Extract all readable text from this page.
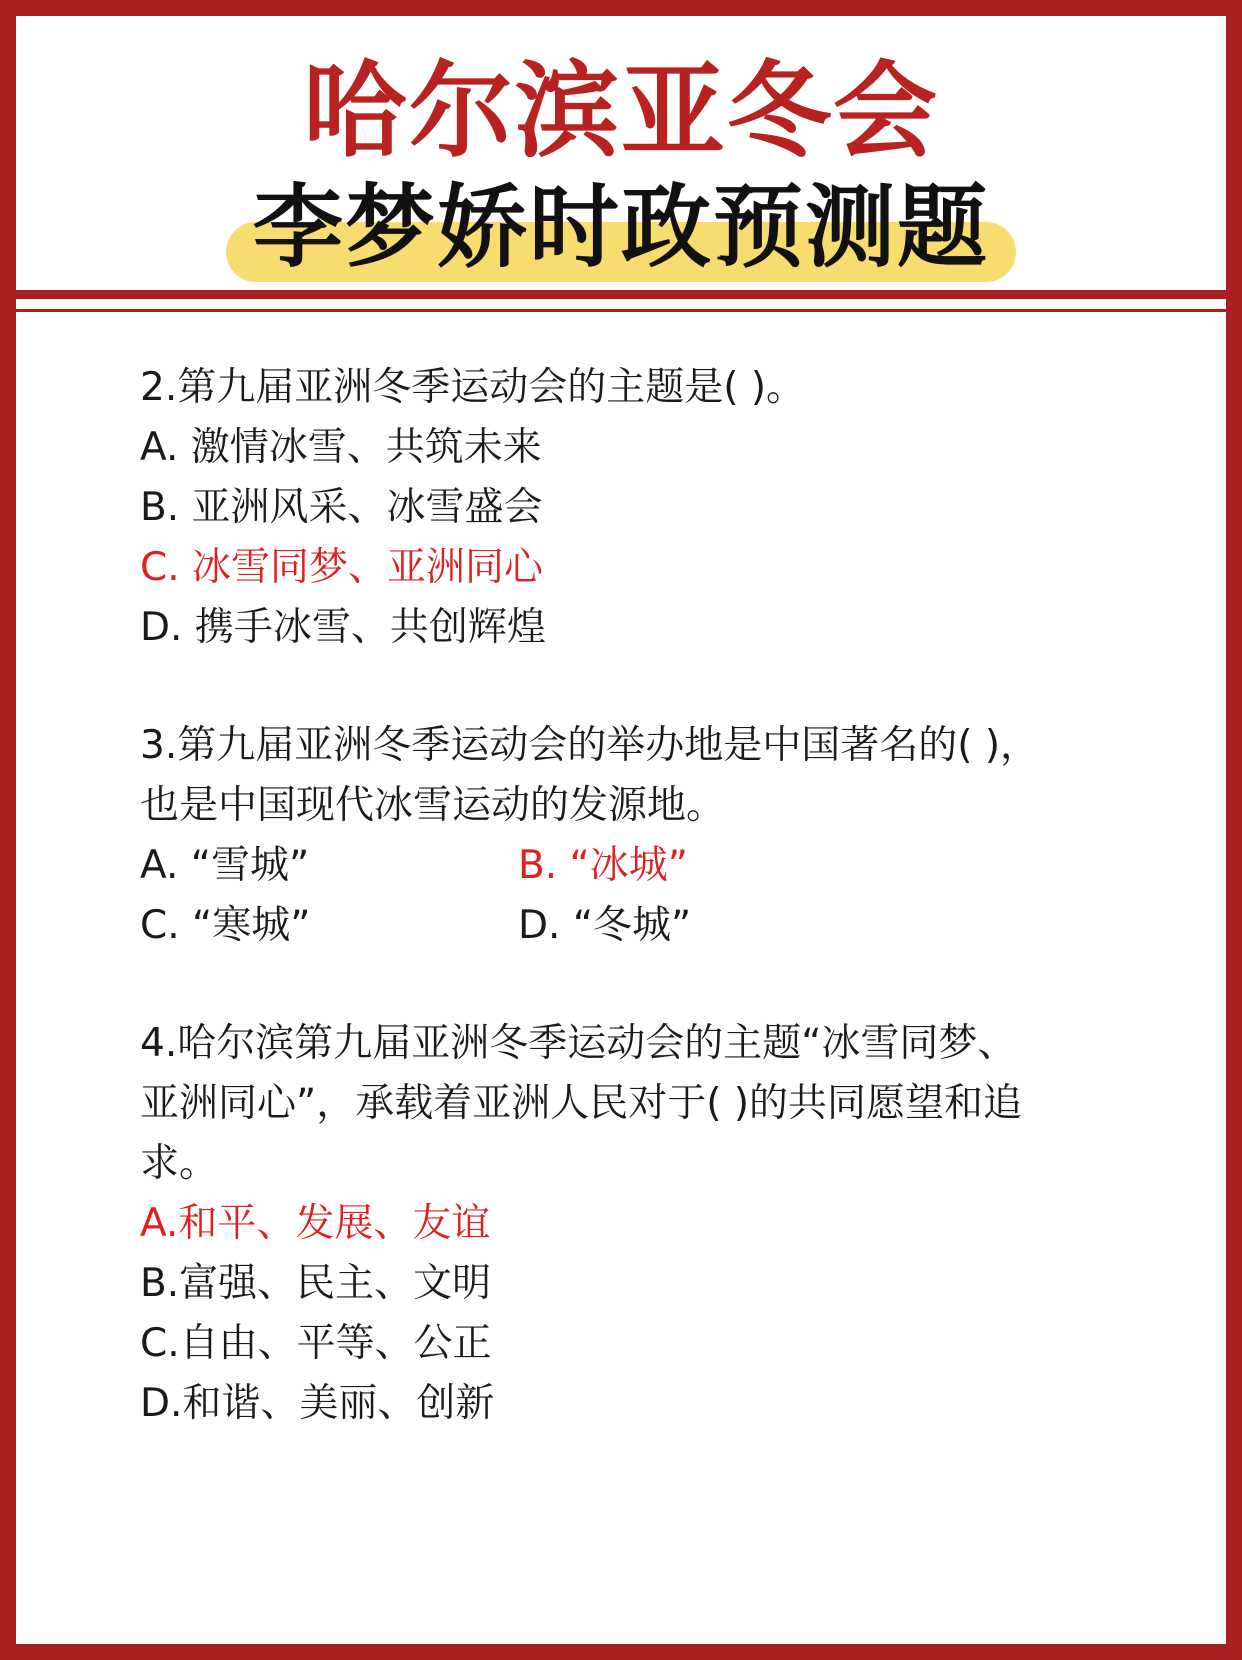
哈尔滨亚冬会
李梦娇时政预测题
2.第九届亚洲冬季运动会的主题是( )。
A. 激情冰雪、共筑未来
B. 亚洲风采、冰雪盛会
C. 冰雪同梦、亚洲同心
D. 携手冰雪、共创辉煌
3.第九届亚洲冬季运动会的举办地是中国著名的( )，
也是中国现代冰雪运动的发源地。
A. “雪城”	B. “冰城”
C. “寒城”	D. “冬城”
4.哈尔滨第九届亚洲冬季运动会的主题“冰雪同梦、
亚洲同心”，承载着亚洲人民对于( )的共同愿望和追
求。
A.和平、发展、友谊
B.富强、民主、文明
C.自由、平等、公正
D.和谐、美丽、创新
